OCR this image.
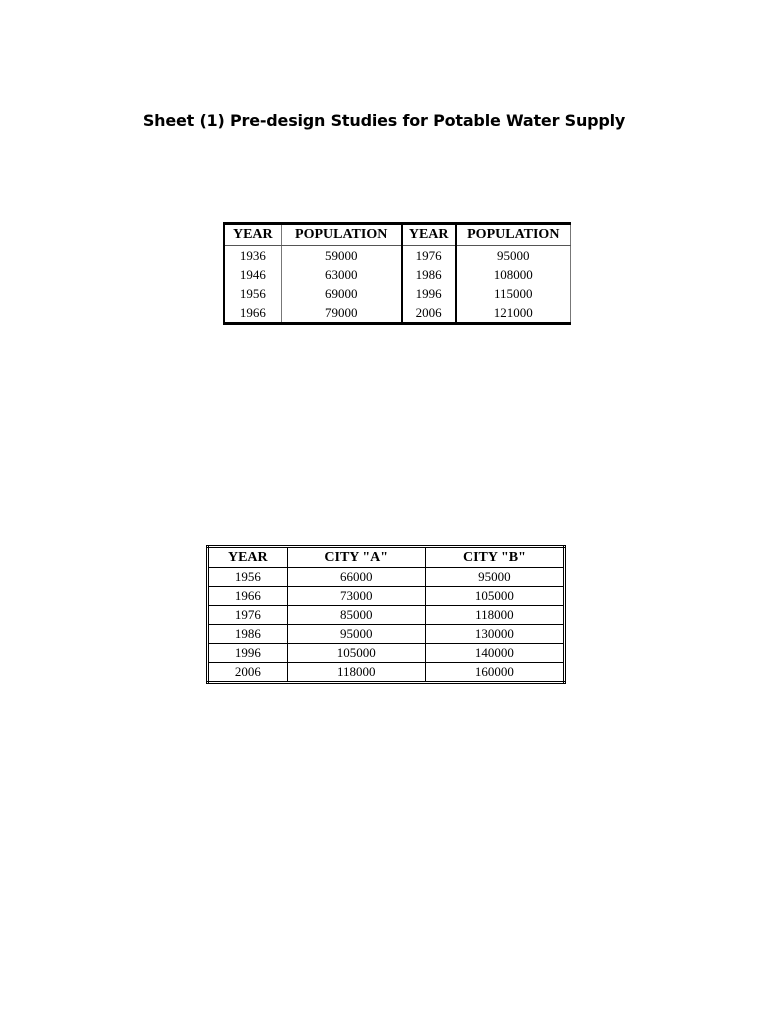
Sheet (1) Pre-design Studies for Potable Water Supply
YEAR	POPULATION	YEAR	POPULATION
1936	59000	1976	95000
1946	63000	1986	108000
1956	69000	1996	115000
1966	79000	2006	121000
YEAR	CITY "A"	CITY "B"
1956	66000	95000
1966	73000	105000
1976	85000	118000
1986	95000	130000
1996	105000	140000
2006	118000	160000
